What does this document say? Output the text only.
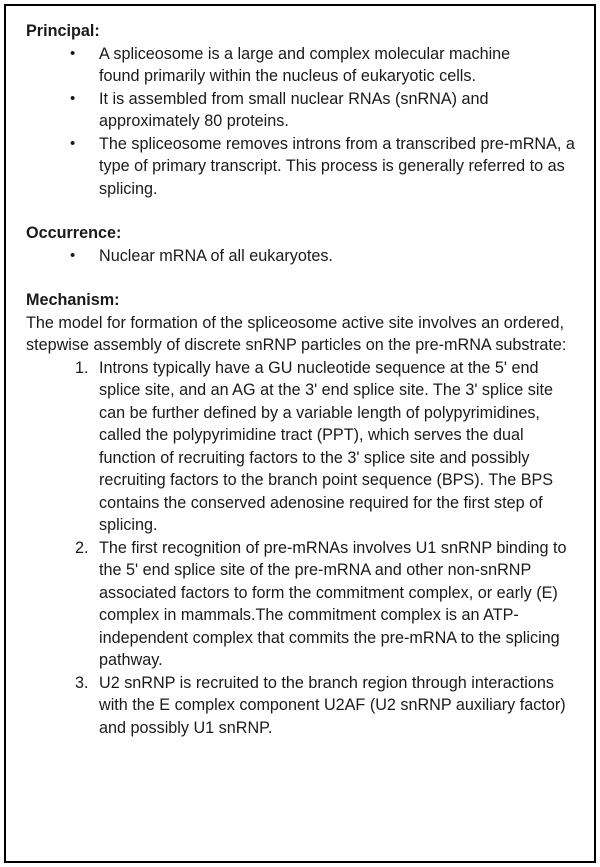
Principal:

• A spliceosome is a large and complex molecular machine found primarily within the nucleus of eukaryotic cells.
• It is assembled from small nuclear RNAs (snRNA) and approximately 80 proteins.
• The spliceosome removes introns from a transcribed pre-mRNA, a type of primary transcript. This process is generally referred to as splicing.

Occurrence:

• Nuclear mRNA of all eukaryotes.

Mechanism:

The model for formation of the spliceosome active site involves an ordered, stepwise assembly of discrete snRNP particles on the pre-mRNA substrate:

1. Introns typically have a GU nucleotide sequence at the 5' end splice site, and an AG at the 3' end splice site. The 3' splice site can be further defined by a variable length of polypyrimidines, called the polypyrimidine tract (PPT), which serves the dual function of recruiting factors to the 3' splice site and possibly recruiting factors to the branch point sequence (BPS). The BPS contains the conserved adenosine required for the first step of splicing.
2. The first recognition of pre-mRNAs involves U1 snRNP binding to the 5' end splice site of the pre-mRNA and other non-snRNP associated factors to form the commitment complex, or early (E) complex in mammals.The commitment complex is an ATP-independent complex that commits the pre-mRNA to the splicing pathway.
3. U2 snRNP is recruited to the branch region through interactions with the E complex component U2AF (U2 snRNP auxiliary factor) and possibly U1 snRNP.
